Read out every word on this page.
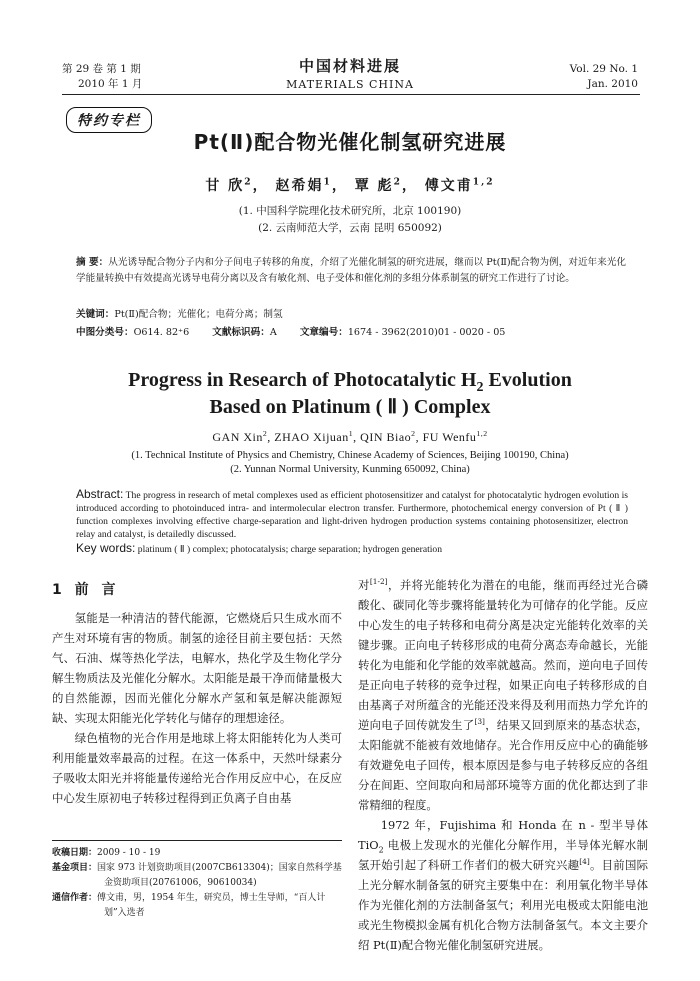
第 29 卷 第 1 期
2010 年 1 月
中国材料进展
MATERIALS CHINA
Vol. 29 No. 1
Jan. 2010
特约专栏
Pt(Ⅱ)配合物光催化制氢研究进展
甘 欣$^2$， 赵希娟$^1$， 覃 彪$^2$， 傅文甫$^{1,2}$
(1. 中国科学院理化技术研究所，北京 100190)
(2. 云南师范大学，云南 昆明 650092)
摘 要：从光诱导配合物分子内和分子间电子转移的角度，介绍了光催化制氢的研究进展，继而以 Pt(Ⅱ)配合物为例，对近年来光化学能量转换中有效提高光诱导电荷分离以及含有敏化剂、电子受体和催化剂的多组分体系制氢的研究工作进行了讨论。
关键词：Pt(Ⅱ)配合物；光催化；电荷分离；制氢
中图分类号：O614. 82⁺6 文献标识码：A 文章编号：1674 - 3962(2010)01 - 0020 - 05
Progress in Research of Photocatalytic $H_2$ Evolution
Based on Platinum ( Ⅱ ) Complex
GAN Xin$^2$, ZHAO Xijuan$^1$, QIN Biao$^2$, FU Wenfu$^{1,2}$
(1. Technical Institute of Physics and Chemistry, Chinese Academy of Sciences, Beijing 100190, China)
(2. Yunnan Normal University, Kunming 650092, China)
Abstract: The progress in research of metal complexes used as efficient photosensitizer and catalyst for photocatalytic hydrogen evolution is introduced according to photoinduced intra- and intermolecular electron transfer. Furthermore, photochemical energy conversion of Pt ( Ⅱ ) function complexes involving effective charge-separation and light-driven hydrogen production systems containing photosensitizer, electron relay and catalyst, is detailedly discussed.
Key words: platinum ( Ⅱ ) complex; photocatalysis; charge separation; hydrogen generation
1 前 言

氢能是一种清洁的替代能源，它燃烧后只生成水而不产生对环境有害的物质。制氢的途径目前主要包括：天然气、石油、煤等热化学法，电解水，热化学及生物化学分解生物质法及光催化分解水。太阳能是最干净而储量极大的自然能源，因而光催化分解水产氢和氧是解决能源短缺、实现太阳能光化学转化与储存的理想途径。

绿色植物的光合作用是地球上将太阳能转化为人类可利用能量效率最高的过程。在这一体系中，天然叶绿素分子吸收太阳光并将能量传递给光合作用反应中心，在反应中心发生原初电子转移过程得到正负离子自由基

收稿日期：2009 - 10 - 19
基金项目：国家 973 计划资助项目(2007CB613304)；国家自然科学基金资助项目(20761006，90610034)
通信作者：傅文甫，男，1954 年生，研究员，博士生导师，“百人计划”入选者

对[1-2]，并将光能转化为潜在的电能，继而再经过光合磷酸化、碳同化等步骤将能量转化为可储存的化学能。反应中心发生的电子转移和电荷分离是决定光能转化效率的关键步骤。正向电子转移形成的电荷分离态寿命越长，光能转化为电能和化学能的效率就越高。然而，逆向电子回传是正向电子转移的竞争过程，如果正向电子转移形成的自由基离子对所蕴含的光能还没来得及利用而热力学允许的逆向电子回传就发生了[3]，结果又回到原来的基态状态，太阳能就不能被有效地储存。光合作用反应中心的确能够有效避免电子回传，根本原因是参与电子转移反应的各组分在间距、空间取向和局部环境等方面的优化都达到了非常精细的程度。

1972 年，Fujishima 和 Honda 在 n - 型半导体 TiO$_2$ 电极上发现水的光催化分解作用，半导体光解水制氢开始引起了科研工作者们的极大研究兴趣[4]。目前国际上光分解水制备氢的研究主要集中在：利用氧化物半导体作为光催化剂的方法制备氢气；利用光电极或太阳能电池或光生物模拟金属有机化合物方法制备氢气。本文主要介绍 Pt(Ⅱ)配合物光催化制氢研究进展。
